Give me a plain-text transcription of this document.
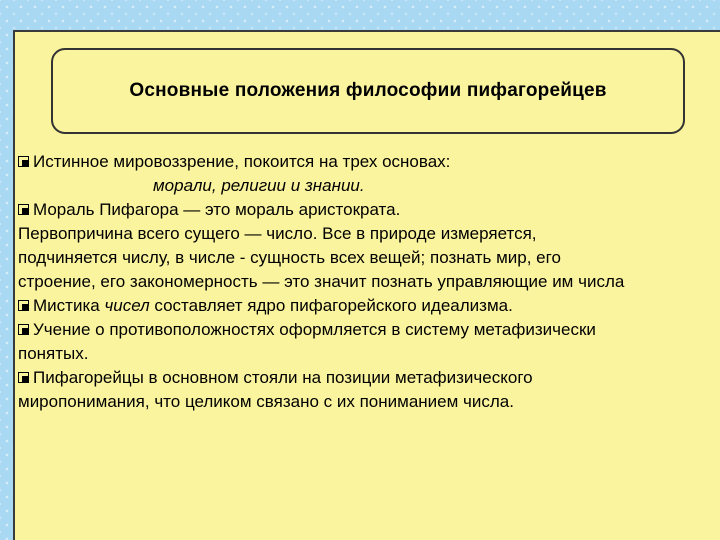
Основные положения философии пифагорейцев
Истинное мировоззрение, покоится на трех основах:
морали, религии и знании.
Мораль Пифагора — это мораль аристократа.
Первопричина всего сущего — число. Все в природе измеряется,
подчиняется числу, в числе - сущность всех вещей; познать мир, его
строение, его закономерность — это значит познать управляющие им числа
Мистика чисел составляет ядро пифагорейского идеализма.
Учение о противоположностях оформляется в систему метафизически
понятых.
Пифагорейцы в основном стояли на позиции метафизического
миропонимания, что целиком связано с их пониманием числа.
